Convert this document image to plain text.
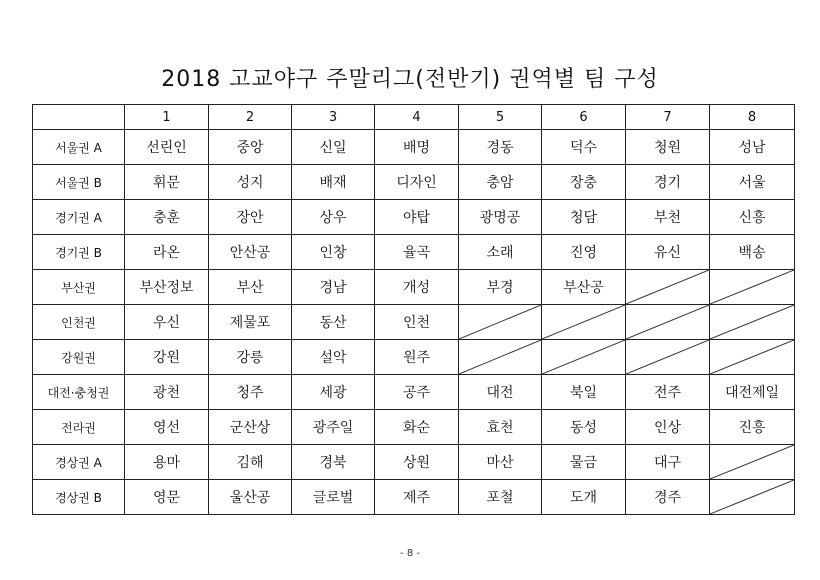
2018 고교야구 주말리그(전반기) 권역별 팀 구성
	1	2	3	4	5	6	7	8
서울권 A	선린인	중앙	신일	배명	경동	덕수	청원	성남
서울권 B	휘문	성지	배재	디자인	충암	장충	경기	서울
경기권 A	충훈	장안	상우	야탑	광명공	청담	부천	신흥
경기권 B	라온	안산공	인창	율곡	소래	진영	유신	백송
부산권	부산정보	부산	경남	개성	부경	부산공	

인천권	우신	제물포	동산	인천	

강원권	강원	강릉	설악	원주	

대전·충청권	광천	청주	세광	공주	대전	북일	전주	대전제일
전라권	영선	군산상	광주일	화순	효천	동성	인상	진흥
경상권 A	용마	김해	경북	상원	마산	물금	대구	

경상권 B	영문	울산공	글로벌	제주	포철	도개	경주	
- 8 -
